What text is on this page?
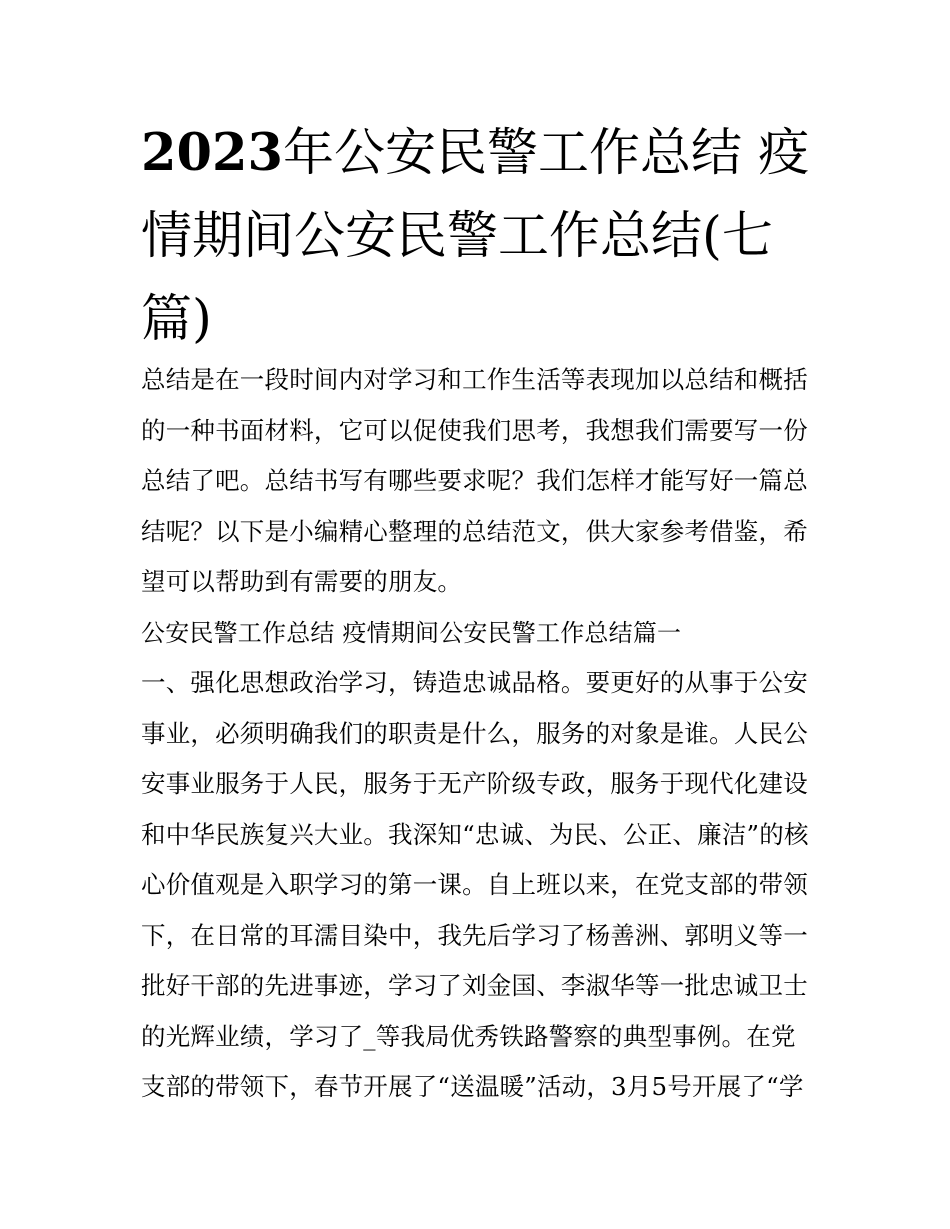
2023年公安民警工作总结 疫情期间公安民警工作总结(七篇)

总结是在一段时间内对学习和工作生活等表现加以总结和概括的一种书面材料，它可以促使我们思考，我想我们需要写一份总结了吧。总结书写有哪些要求呢？我们怎样才能写好一篇总结呢？以下是小编精心整理的总结范文，供大家参考借鉴，希望可以帮助到有需要的朋友。

公安民警工作总结 疫情期间公安民警工作总结篇一

一、强化思想政治学习，铸造忠诚品格。要更好的从事于公安事业，必须明确我们的职责是什么，服务的对象是谁。人民公安事业服务于人民，服务于无产阶级专政，服务于现代化建设和中华民族复兴大业。我深知“忠诚、为民、公正、廉洁”的核心价值观是入职学习的第一课。自上班以来，在党支部的带领下，在日常的耳濡目染中，我先后学习了杨善洲、郭明义等一批好干部的先进事迹，学习了刘金国、李淑华等一批忠诚卫士的光辉业绩，学习了_等我局优秀铁路警察的典型事例。在党支部的带领下，春节开展了“送温暖”活动，3月5号开展了“学
